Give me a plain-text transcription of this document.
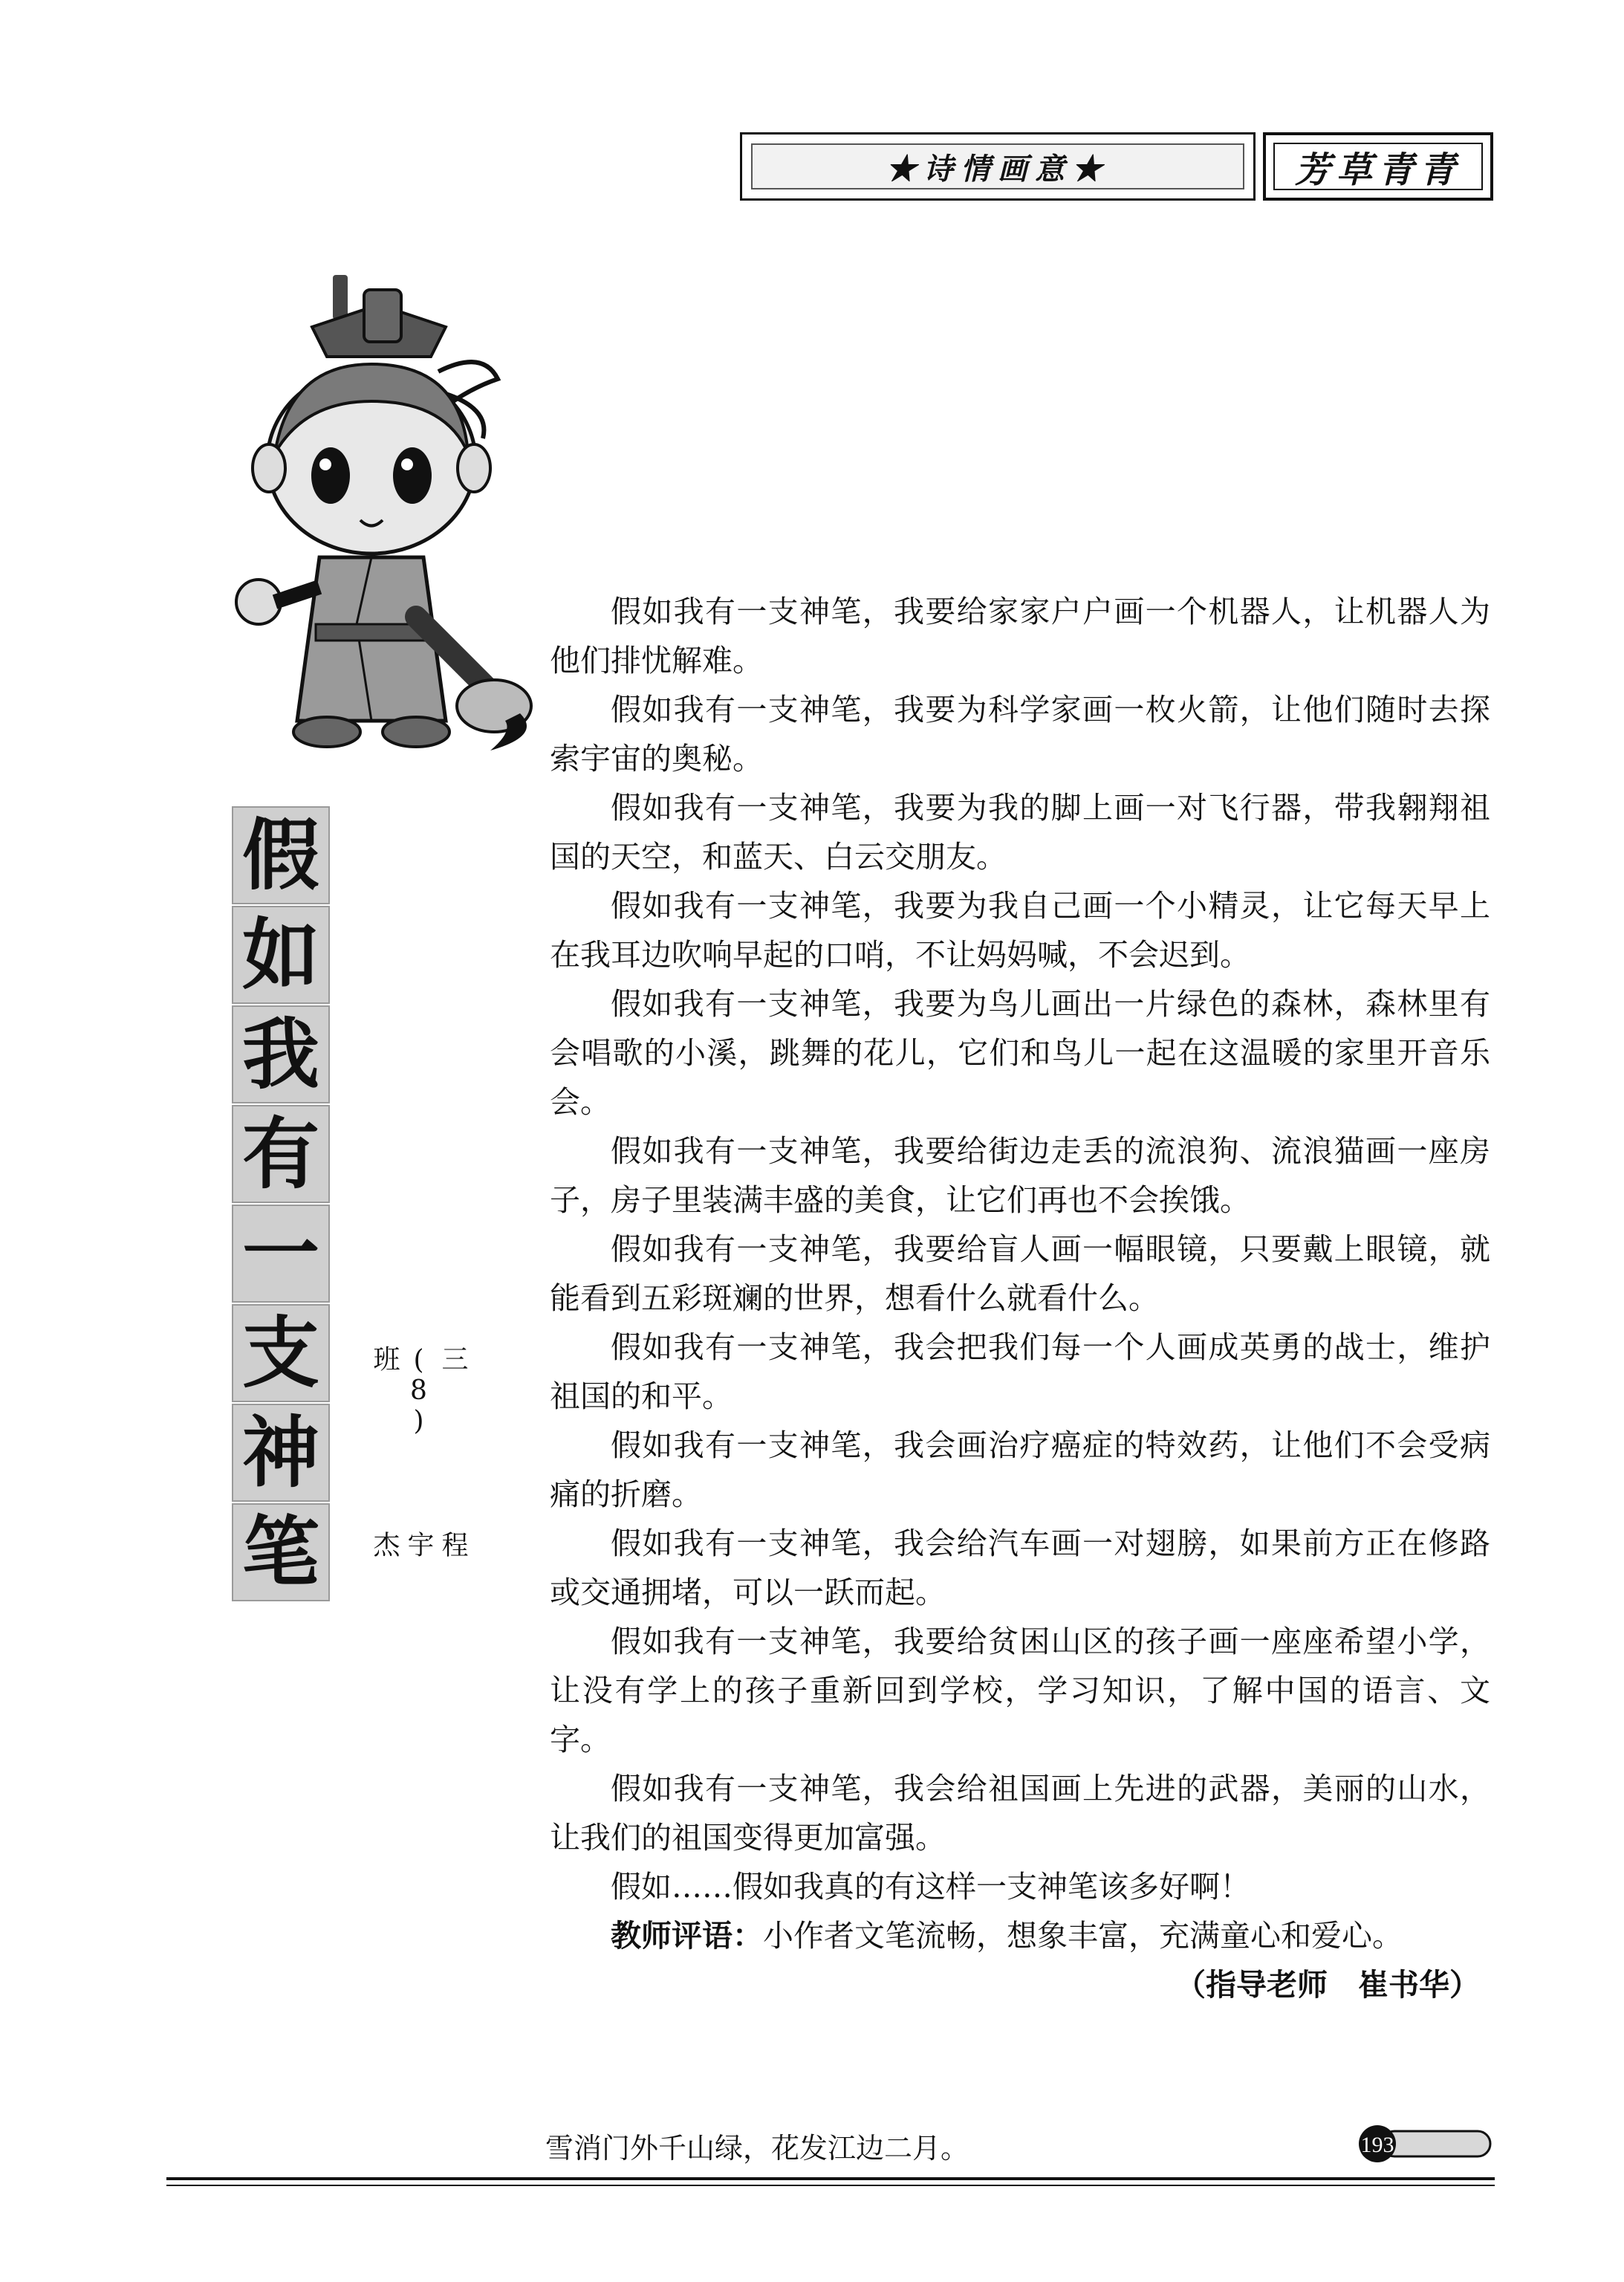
★诗情画意★	芳草青青
假
如
我
有
一
支
神
笔
三(8)班
程宇杰

假如我有一支神笔，我要给家家户户画一个机器人，让机器人为他们排忧解难。

假如我有一支神笔，我要为科学家画一枚火箭，让他们随时去探索宇宙的奥秘。

假如我有一支神笔，我要为我的脚上画一对飞行器，带我翱翔祖国的天空，和蓝天、白云交朋友。

假如我有一支神笔，我要为我自己画一个小精灵，让它每天早上在我耳边吹响早起的口哨，不让妈妈喊，不会迟到。

假如我有一支神笔，我要为鸟儿画出一片绿色的森林，森林里有会唱歌的小溪，跳舞的花儿，它们和鸟儿一起在这温暖的家里开音乐会。

假如我有一支神笔，我要给街边走丢的流浪狗、流浪猫画一座房子，房子里装满丰盛的美食，让它们再也不会挨饿。

假如我有一支神笔，我要给盲人画一幅眼镜，只要戴上眼镜，就能看到五彩斑斓的世界，想看什么就看什么。

假如我有一支神笔，我会把我们每一个人画成英勇的战士，维护祖国的和平。

假如我有一支神笔，我会画治疗癌症的特效药，让他们不会受病痛的折磨。

假如我有一支神笔，我会给汽车画一对翅膀，如果前方正在修路或交通拥堵，可以一跃而起。

假如我有一支神笔，我要给贫困山区的孩子画一座座希望小学，让没有学上的孩子重新回到学校，学习知识，了解中国的语言、文字。

假如我有一支神笔，我会给祖国画上先进的武器，美丽的山水，让我们的祖国变得更加富强。

假如……假如我真的有这样一支神笔该多好啊！

教师评语：小作者文笔流畅，想象丰富，充满童心和爱心。

（指导老师　崔书华）

雪消门外千山绿，花发江边二月。	193
